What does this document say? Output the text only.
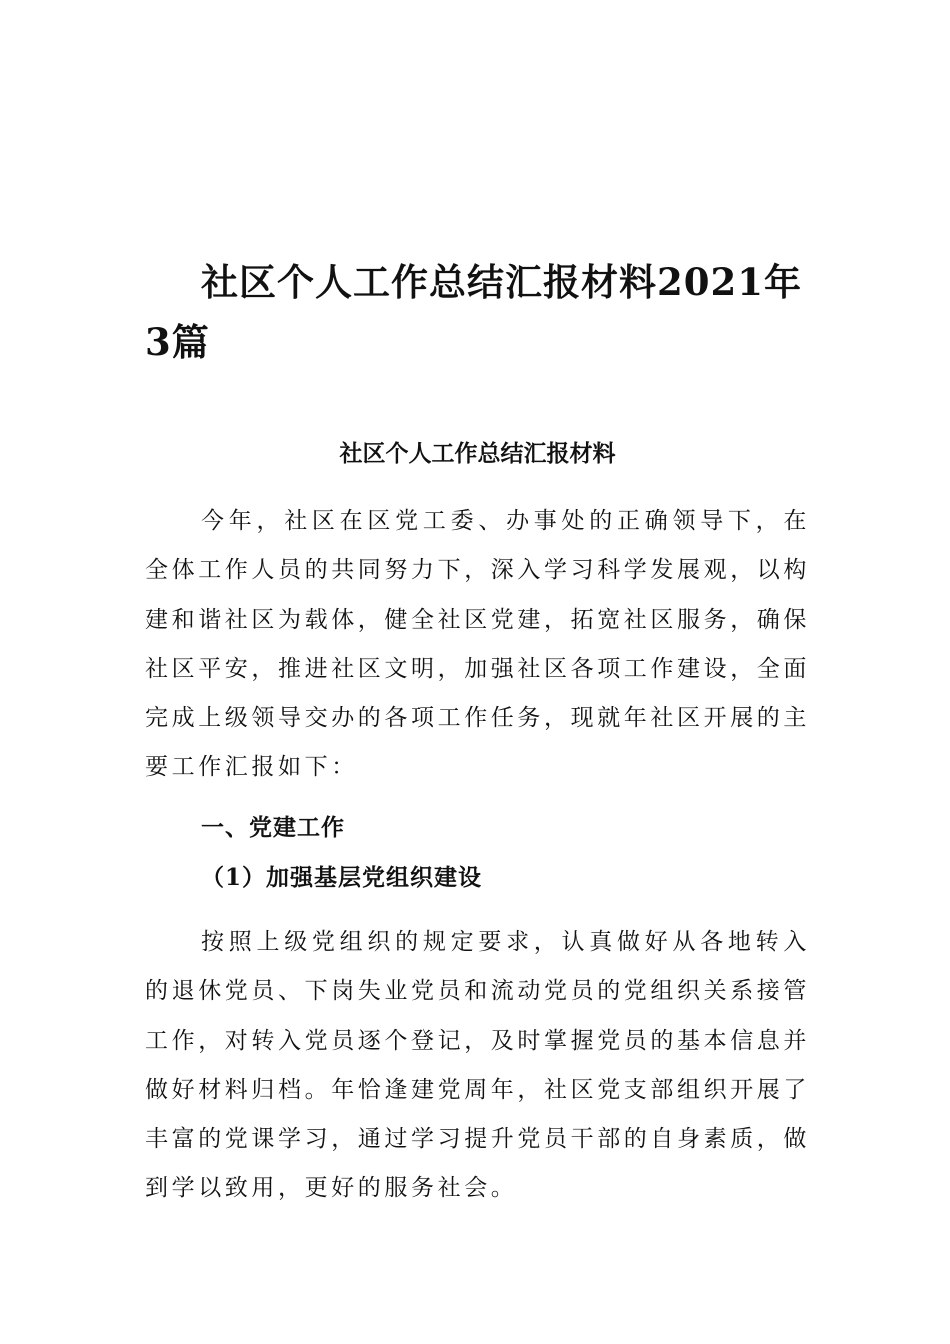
社区个人工作总结汇报材料2021年3篇
社区个人工作总结汇报材料

今年，社区在区党工委、办事处的正确领导下，在全体工作人员的共同努力下，深入学习科学发展观，以构建和谐社区为载体，健全社区党建，拓宽社区服务，确保社区平安，推进社区文明，加强社区各项工作建设，全面完成上级领导交办的各项工作任务，现就年社区开展的主要工作汇报如下：

一、党建工作
（1）加强基层党组织建设

按照上级党组织的规定要求，认真做好从各地转入的退休党员、下岗失业党员和流动党员的党组织关系接管工作，对转入党员逐个登记，及时掌握党员的基本信息并做好材料归档。年恰逢建党周年，社区党支部组织开展了丰富的党课学习，通过学习提升党员干部的自身素质，做到学以致用，更好的服务社会。
